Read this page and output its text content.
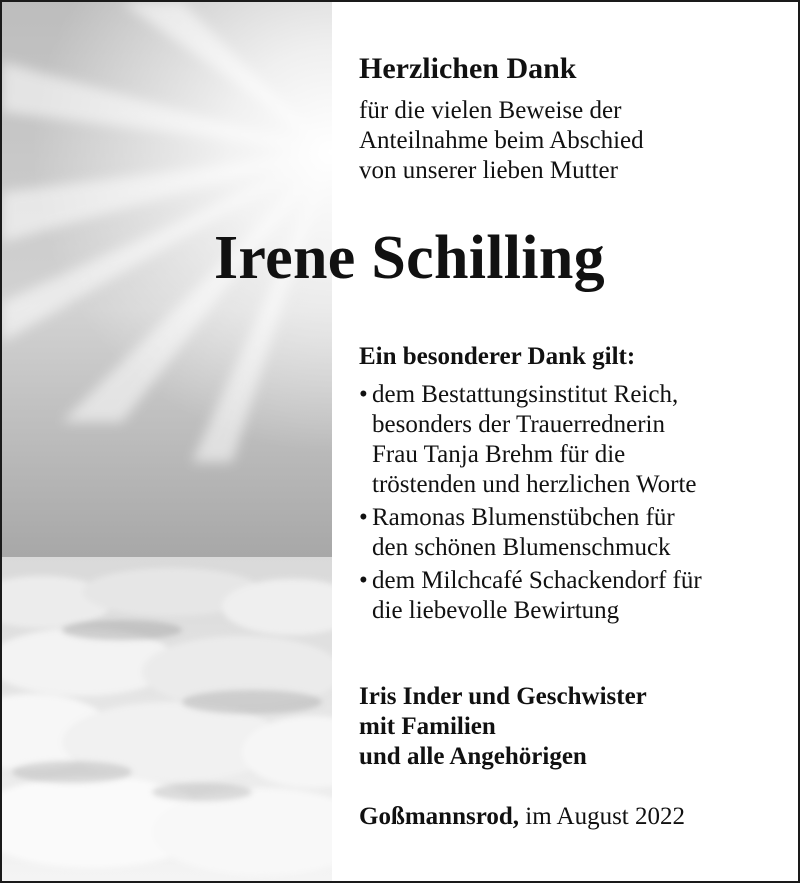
Herzlichen Dank
für die vielen Beweise der
Anteilnahme beim Abschied
von unserer lieben Mutter
Irene Schilling
Ein besonderer Dank gilt:
• dem Bestattungsinstitut Reich,
besonders der Trauerrednerin
Frau Tanja Brehm für die
tröstenden und herzlichen Worte
• Ramonas Blumenstübchen für
den schönen Blumenschmuck
• dem Milchcafé Schackendorf für
die liebevolle Bewirtung
Iris Inder und Geschwister
mit Familien
und alle Angehörigen
Goßmannsrod, im August 2022
